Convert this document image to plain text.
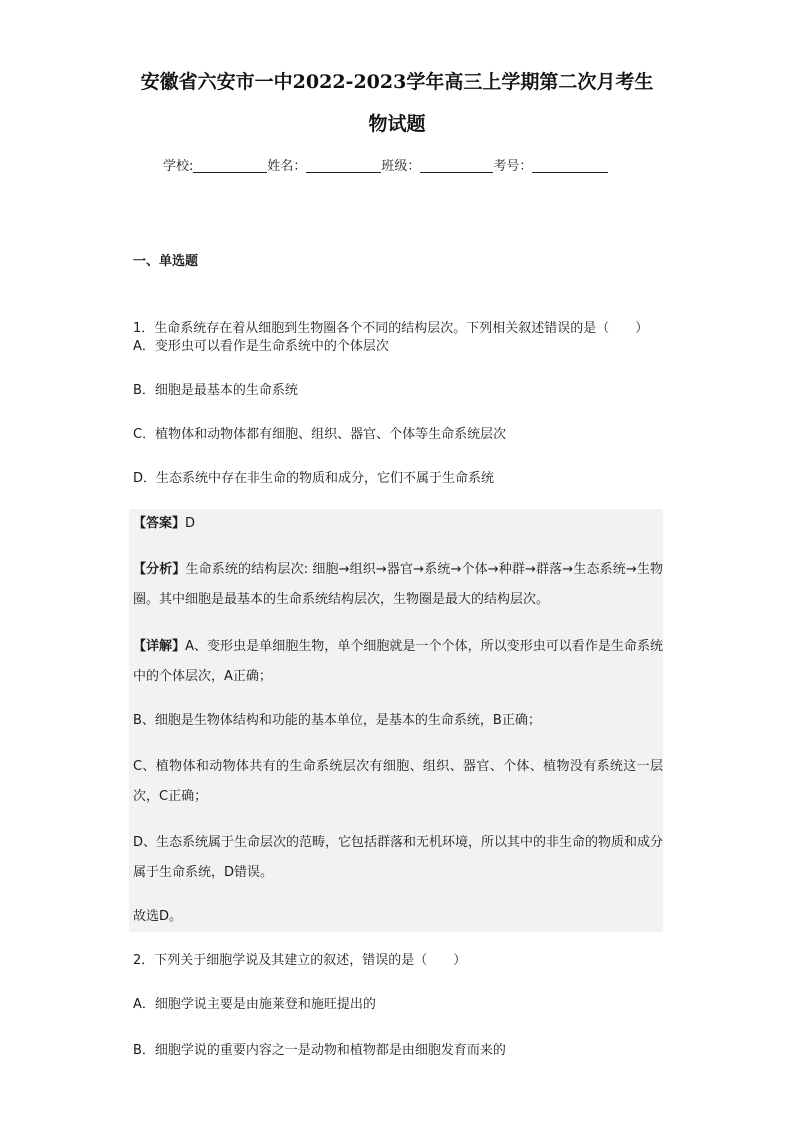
安徽省六安市一中2022-2023学年高三上学期第二次月考生
物试题
学校:	姓名：	班级：	考号：
一、单选题
1．生命系统存在着从细胞到生物圈各个不同的结构层次。下列相关叙述错误的是（　　）
A．变形虫可以看作是生命系统中的个体层次
B．细胞是最基本的生命系统
C．植物体和动物体都有细胞、组织、器官、个体等生命系统层次
D．生态系统中存在非生命的物质和成分，它们不属于生命系统
【答案】D
【分析】生命系统的结构层次: 细胞→组织→器官→系统→个体→种群→群落→生态系统→生物圈。其中细胞是最基本的生命系统结构层次，生物圈是最大的结构层次。
【详解】A、变形虫是单细胞生物，单个细胞就是一个个体，所以变形虫可以看作是生命系统中的个体层次，A正确；
B、细胞是生物体结构和功能的基本单位，是基本的生命系统，B正确；
C、植物体和动物体共有的生命系统层次有细胞、组织、器官、个体、植物没有系统这一层次，C正确；
D、生态系统属于生命层次的范畴，它包括群落和无机环境，所以其中的非生命的物质和成分属于生命系统，D错误。
故选D。
2．下列关于细胞学说及其建立的叙述，错误的是（　　）
A．细胞学说主要是由施莱登和施旺提出的
B．细胞学说的重要内容之一是动物和植物都是由细胞发育而来的
